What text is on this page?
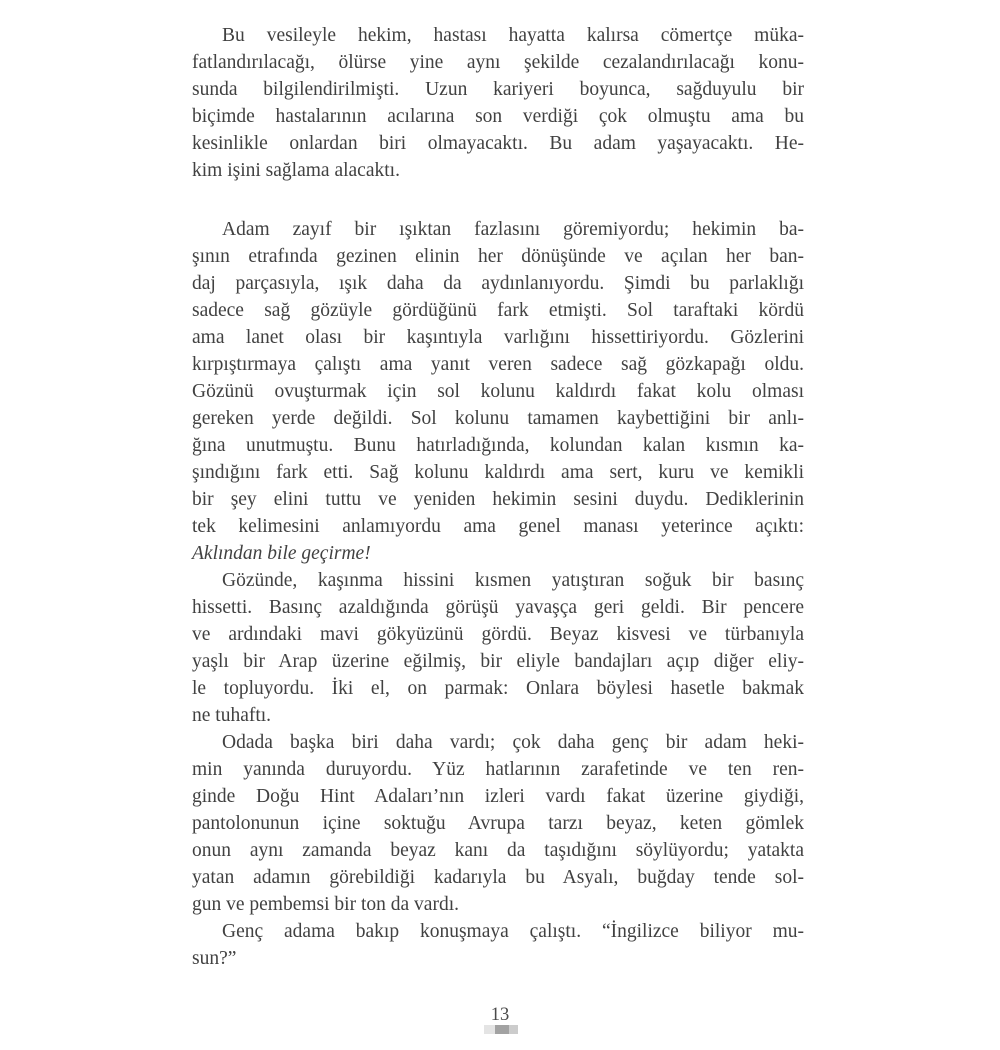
Bu vesileyle hekim, hastası hayatta kalırsa cömertçe müka-
fatlandırılacağı, ölürse yine aynı şekilde cezalandırılacağı konu-
sunda bilgilendirilmişti. Uzun kariyeri boyunca, sağduyulu bir
biçimde hastalarının acılarına son verdiği çok olmuştu ama bu
kesinlikle onlardan biri olmayacaktı. Bu adam yaşayacaktı. He-
kim işini sağlama alacaktı.
Adam zayıf bir ışıktan fazlasını göremiyordu; hekimin ba-
şının etrafında gezinen elinin her dönüşünde ve açılan her ban-
daj parçasıyla, ışık daha da aydınlanıyordu. Şimdi bu parlaklığı
sadece sağ gözüyle gördüğünü fark etmişti. Sol taraftaki kördü
ama lanet olası bir kaşıntıyla varlığını hissettiriyordu. Gözlerini
kırpıştırmaya çalıştı ama yanıt veren sadece sağ gözkapağı oldu.
Gözünü ovuşturmak için sol kolunu kaldırdı fakat kolu olması
gereken yerde değildi. Sol kolunu tamamen kaybettiğini bir anlı-
ğına unutmuştu. Bunu hatırladığında, kolundan kalan kısmın ka-
şındığını fark etti. Sağ kolunu kaldırdı ama sert, kuru ve kemikli
bir şey elini tuttu ve yeniden hekimin sesini duydu. Dediklerinin
tek kelimesini anlamıyordu ama genel manası yeterince açıktı:
Aklından bile geçirme!
Gözünde, kaşınma hissini kısmen yatıştıran soğuk bir basınç
hissetti. Basınç azaldığında görüşü yavaşça geri geldi. Bir pencere
ve ardındaki mavi gökyüzünü gördü. Beyaz kisvesi ve türbanıyla
yaşlı bir Arap üzerine eğilmiş, bir eliyle bandajları açıp diğer eliy-
le topluyordu. İki el, on parmak: Onlara böylesi hasetle bakmak
ne tuhaftı.
Odada başka biri daha vardı; çok daha genç bir adam heki-
min yanında duruyordu. Yüz hatlarının zarafetinde ve ten ren-
ginde Doğu Hint Adaları’nın izleri vardı fakat üzerine giydiği,
pantolonunun içine soktuğu Avrupa tarzı beyaz, keten gömlek
onun aynı zamanda beyaz kanı da taşıdığını söylüyordu; yatakta
yatan adamın görebildiği kadarıyla bu Asyalı, buğday tende sol-
gun ve pembemsi bir ton da vardı.
Genç adama bakıp konuşmaya çalıştı. “İngilizce biliyor mu-
sun?”
13
